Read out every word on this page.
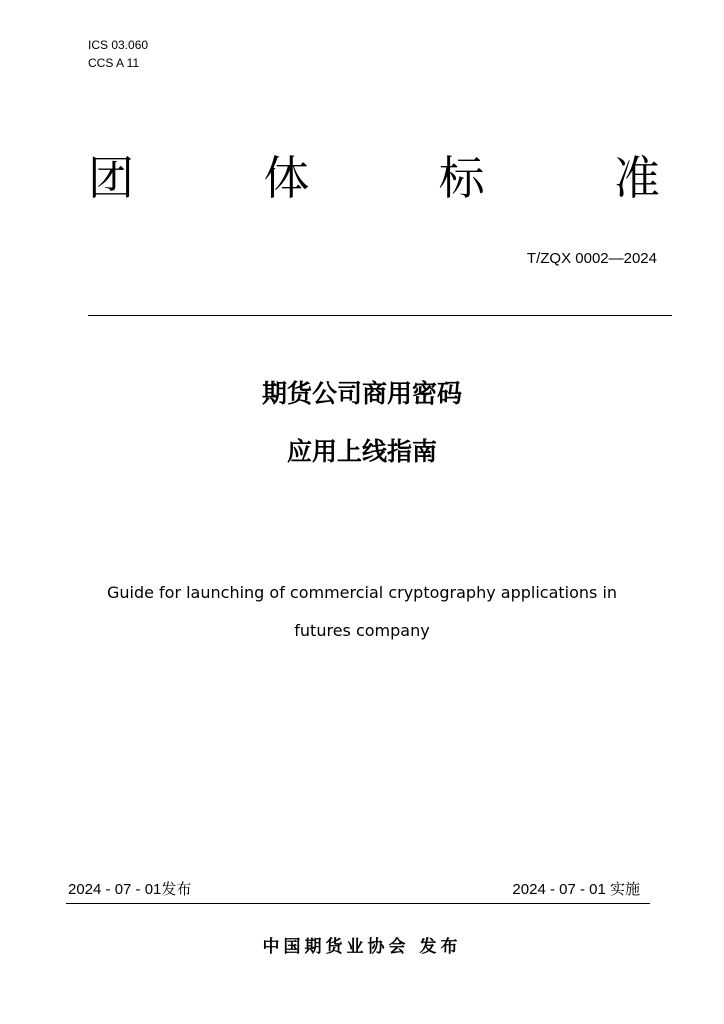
ICS 03.060
CCS A 11
团	体	标	准
T/ZQX 0002—2024
期货公司商用密码
应用上线指南
Guide for launching of commercial cryptography applications in
futures company
2024 - 07 - 01发布	2024 - 07 - 01 实施
中国期货业协会 发布
